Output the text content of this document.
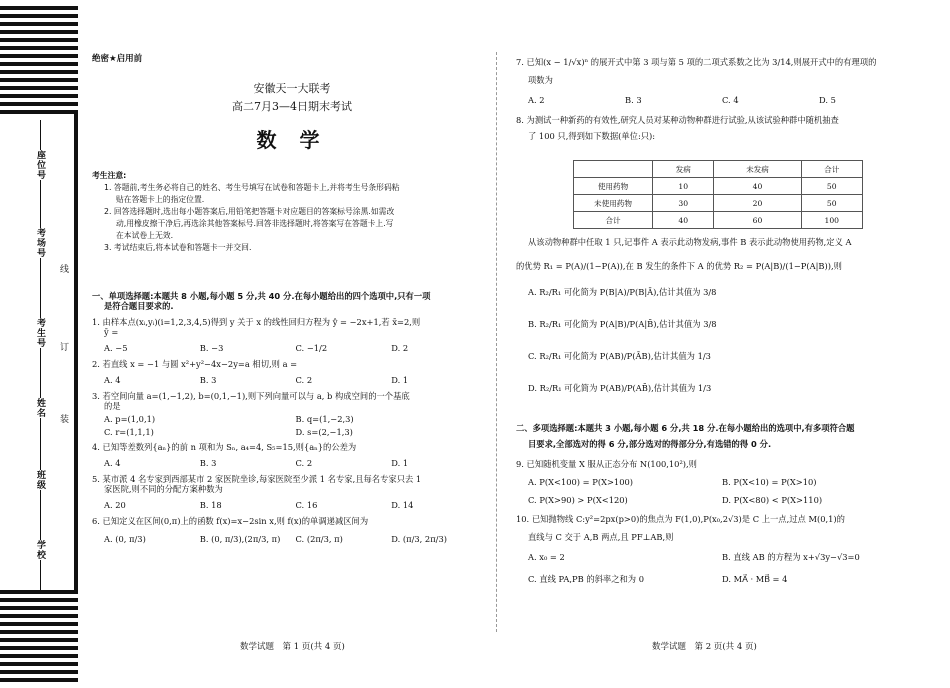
座位号
考场号
考生号
姓名
班级
学校
线
订
装
绝密★启用前
安徽天一大联考
高二7月3—4日期末考试
数 学
考生注意:
1. 答题前,考生务必将自己的姓名、考生号填写在试卷和答题卡上,并将考生号条形码粘
贴在答题卡上的指定位置.
2. 回答选择题时,选出每小题答案后,用铅笔把答题卡对应题目的答案标号涂黑.如需改
动,用橡皮擦干净后,再选涂其他答案标号.回答非选择题时,将答案写在答题卡上.写
在本试卷上无效.
3. 考试结束后,将本试卷和答题卡一并交回.
一、单项选择题:本题共 8 小题,每小题 5 分,共 40 分.在每小题给出的四个选项中,只有一项
是符合题目要求的.
1. 由样本点(xᵢ,yᵢ)(i=1,2,3,4,5)得到 y 关于 x 的线性回归方程为 ŷ = −2x+1,若 x̄=2,则
ȳ =
A. −5	B. −3	C. −1/2	D. 2
2. 若直线 x = −1 与圆 x²+y²−4x−2y=a 相切,则 a =
A. 4	B. 3	C. 2	D. 1
3. 若空间向量 a=(1,−1,2), b=(0,1,−1),则下列向量可以与 a, b 构成空间的一个基底
的是
A. p=(1,0,1)	B. q=(1,−2,3)
C. r=(1,1,1)	D. s=(2,−1,3)
4. 已知等差数列{aₙ}的前 n 项和为 Sₙ, a₄=4, S₅=15,则{aₙ}的公差为
A. 4	B. 3	C. 2	D. 1
5. 某市派 4 名专家到西部某市 2 家医院坐诊,每家医院至少派 1 名专家,且每名专家只去 1
家医院,则不同的分配方案种数为
A. 20	B. 18	C. 16	D. 14
6. 已知定义在区间(0,π)上的函数 f(x)=x−2sin x,则 f(x)的单调递减区间为
A. (0, π/3)	B. (0, π/3),(2π/3, π)	C. (2π/3, π)	D. (π/3, 2π/3)
数学试题　第 1 页(共 4 页)
7. 已知(x − 1/√x)ⁿ 的展开式中第 3 项与第 5 项的二项式系数之比为 3/14,则展开式中的有理项的
项数为
A. 2	B. 3	C. 4	D. 5
8. 为测试一种新药的有效性,研究人员对某种动物种群进行试验,从该试验种群中随机抽查
了 100 只,得到如下数据(单位:只):
	发病	未发病	合计
使用药物	10	40	50
未使用药物	30	20	50
合计	40	60	100
从该动物种群中任取 1 只,记事件 A 表示此动物发病,事件 B 表示此动物使用药物,定义 A
的优势 R₁ = P(A)/(1−P(A)),在 B 发生的条件下 A 的优势 R₂ = P(A|B)/(1−P(A|B)),则
A. R₂/R₁ 可化简为 P(B|A)/P(B|Ā),估计其值为 3/8
B. R₂/R₁ 可化简为 P(A|B)/P(A|B̄),估计其值为 3/8
C. R₂/R₁ 可化简为 P(AB)/P(ĀB),估计其值为 1/3
D. R₂/R₁ 可化简为 P(AB)/P(AB̄),估计其值为 1/3
二、多项选择题:本题共 3 小题,每小题 6 分,共 18 分.在每小题给出的选项中,有多项符合题
目要求,全部选对的得 6 分,部分选对的得部分分,有选错的得 0 分.
9. 已知随机变量 X 服从正态分布 N(100,10²),则
A. P(X<100) = P(X>100)	B. P(X<10) = P(X>10)
C. P(X>90) > P(X<120)	D. P(X<80) < P(X>110)
10. 已知抛物线 C:y²=2px(p>0)的焦点为 F(1,0),P(x₀,2√3)是 C 上一点,过点 M(0,1)的
直线与 C 交于 A,B 两点,且 PF⊥AB,则
A. x₀ = 2	B. 直线 AB 的方程为 x+√3y−√3=0
C. 直线 PA,PB 的斜率之和为 0	D. MA⃗ · MB⃗ = 4
数学试题　第 2 页(共 4 页)
